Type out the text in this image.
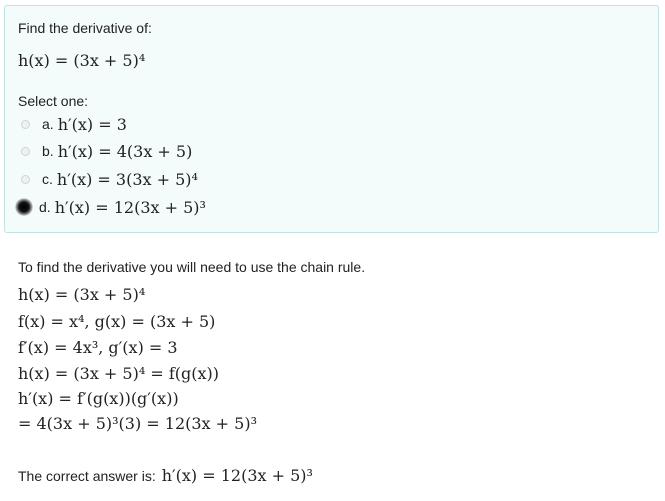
Find the derivative of:
h(x) = (3x + 5)⁴
Select one:
a. h′(x) = 3
b. h′(x) = 4(3x + 5)
c. h′(x) = 3(3x + 5)⁴
d. h′(x) = 12(3x + 5)³
To find the derivative you will need to use the chain rule.
h(x) = (3x + 5)⁴
f(x) = x⁴, g(x) = (3x + 5)
f′(x) = 4x³, g′(x) = 3
h(x) = (3x + 5)⁴ = f(g(x))
h′(x) = f′(g(x))(g′(x))
= 4(3x + 5)³(3) = 12(3x + 5)³
The correct answer is: h′(x) = 12(3x + 5)³
